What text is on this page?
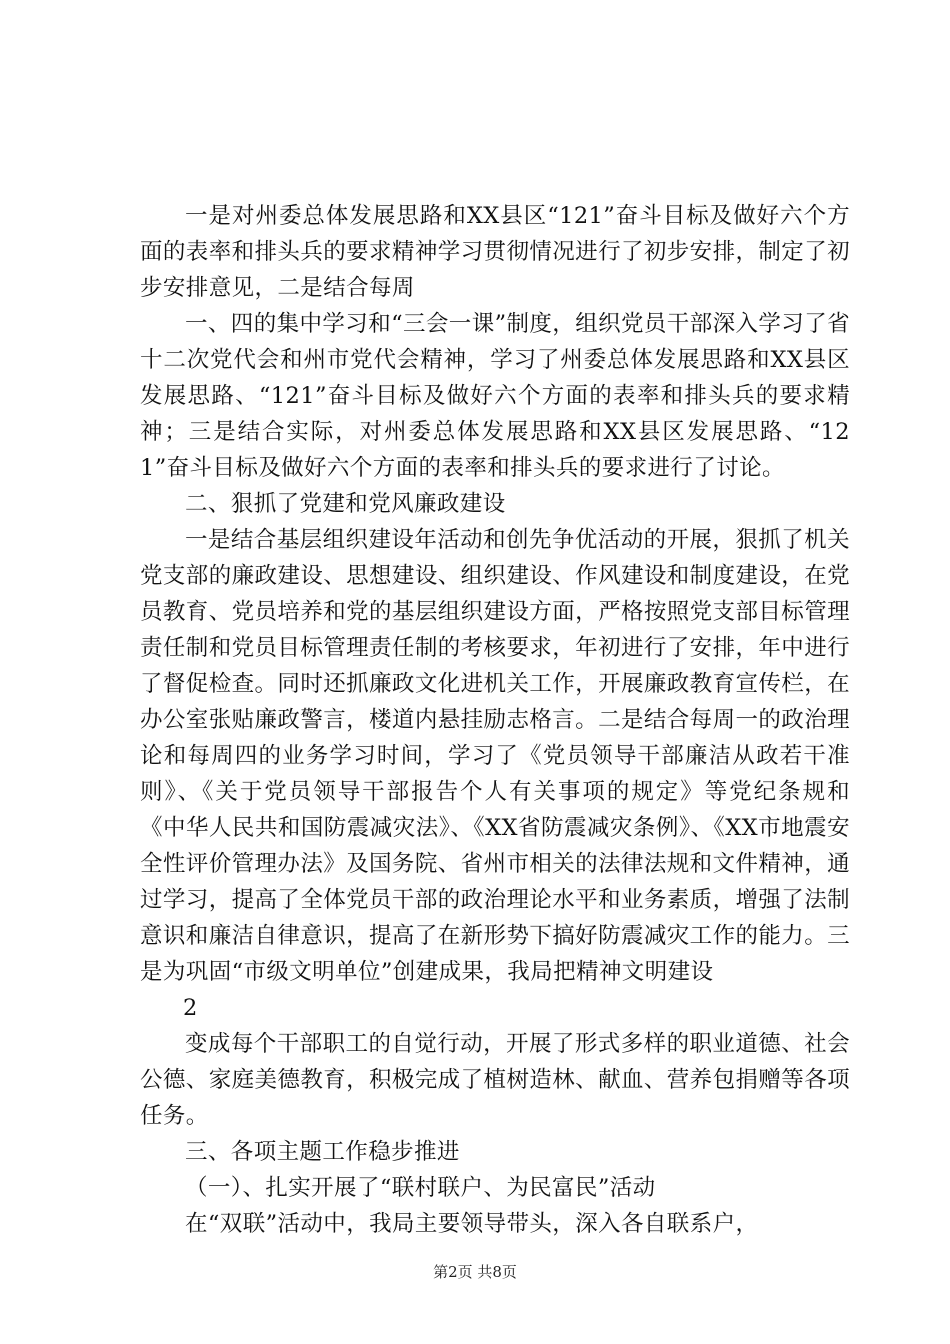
一是对州委总体发展思路和XX县区“121”奋斗目标及做好六个方面的表率和排头兵的要求精神学习贯彻情况进行了初步安排，制定了初步安排意见，二是结合每周

一、四的集中学习和“三会一课”制度，组织党员干部深入学习了省十二次党代会和州市党代会精神，学习了州委总体发展思路和XX县区发展思路、“121”奋斗目标及做好六个方面的表率和排头兵的要求精神；三是结合实际，对州委总体发展思路和XX县区发展思路、“121”奋斗目标及做好六个方面的表率和排头兵的要求进行了讨论。

二、狠抓了党建和党风廉政建设

一是结合基层组织建设年活动和创先争优活动的开展，狠抓了机关党支部的廉政建设、思想建设、组织建设、作风建设和制度建设，在党员教育、党员培养和党的基层组织建设方面，严格按照党支部目标管理责任制和党员目标管理责任制的考核要求，年初进行了安排，年中进行了督促检查。同时还抓廉政文化进机关工作，开展廉政教育宣传栏，在办公室张贴廉政警言，楼道内悬挂励志格言。二是结合每周一的政治理论和每周四的业务学习时间，学习了《党员领导干部廉洁从政若干准则》、《关于党员领导干部报告个人有关事项的规定》等党纪条规和《中华人民共和国防震减灾法》、《XX省防震减灾条例》、《XX市地震安全性评价管理办法》及国务院、省州市相关的法律法规和文件精神，通过学习，提高了全体党员干部的政治理论水平和业务素质，增强了法制意识和廉洁自律意识，提高了在新形势下搞好防震减灾工作的能力。三是为巩固“市级文明单位”创建成果，我局把精神文明建设

2

变成每个干部职工的自觉行动，开展了形式多样的职业道德、社会公德、家庭美德教育，积极完成了植树造林、献血、营养包捐赠等各项任务。

三、各项主题工作稳步推进

（一）、扎实开展了“联村联户、为民富民”活动

在“双联”活动中，我局主要领导带头，深入各自联系户，

第2页 共8页
